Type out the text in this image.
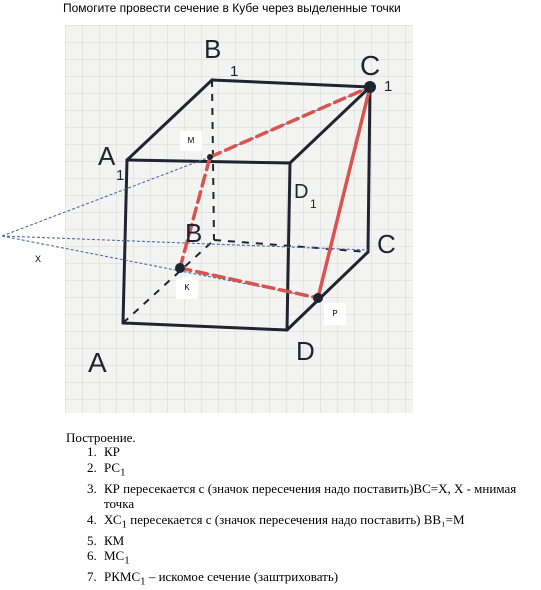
Помогите провести сечение в Кубе через выделенные точки
B
1	C
1
A
1
B	C
A	D
D
1
M
K
P
X
Построение.
1. КР
2. $РС_1$
3. КР пересекается с (значок пересечения надо поставить)ВС=Х, Х - мнимая точка
4. $ХС_1$ пересекается с (значок пересечения надо поставить) ВВ₁=М
5. КМ
6. $МС_1$
7. $РКМС_1$ – искомое сечение (заштриховать)
